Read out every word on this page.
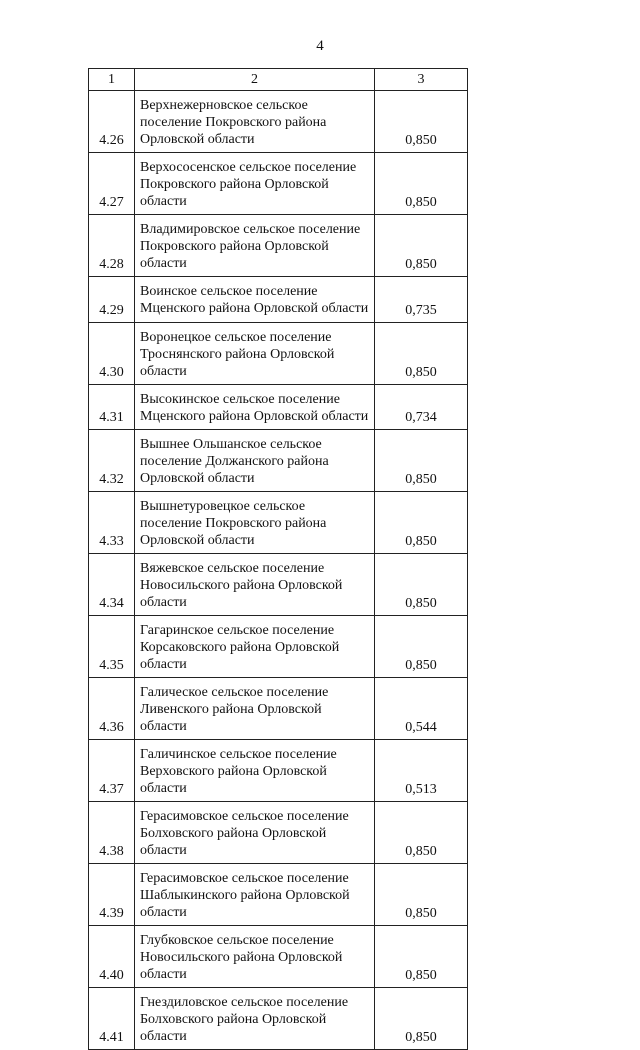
4
1	2	3
4.26	Верхнежерновское сельское поселение Покровского района Орловской области	0,850
4.27	Верхососенское сельское поселение Покровского района Орловской области	0,850
4.28	Владимировское сельское поселение Покровского района Орловской области	0,850
4.29	Воинское сельское поселение Мценского района Орловской области	0,735
4.30	Воронецкое сельское поселение Троснянского района Орловской области	0,850
4.31	Высокинское сельское поселение Мценского района Орловской области	0,734
4.32	Вышнее Ольшанское сельское поселение Должанского района Орловской области	0,850
4.33	Вышнетуровецкое сельское поселение Покровского района Орловской области	0,850
4.34	Вяжевское сельское поселение Новосильского района Орловской области	0,850
4.35	Гагаринское сельское поселение Корсаковского района Орловской области	0,850
4.36	Галическое сельское поселение Ливенского района Орловской области	0,544
4.37	Галичинское сельское поселение Верховского района Орловской области	0,513
4.38	Герасимовское сельское поселение Болховского района Орловской области	0,850
4.39	Герасимовское сельское поселение Шаблыкинского района Орловской области	0,850
4.40	Глубковское сельское поселение Новосильского района Орловской области	0,850
4.41	Гнездиловское сельское поселение Болховского района Орловской области	0,850
